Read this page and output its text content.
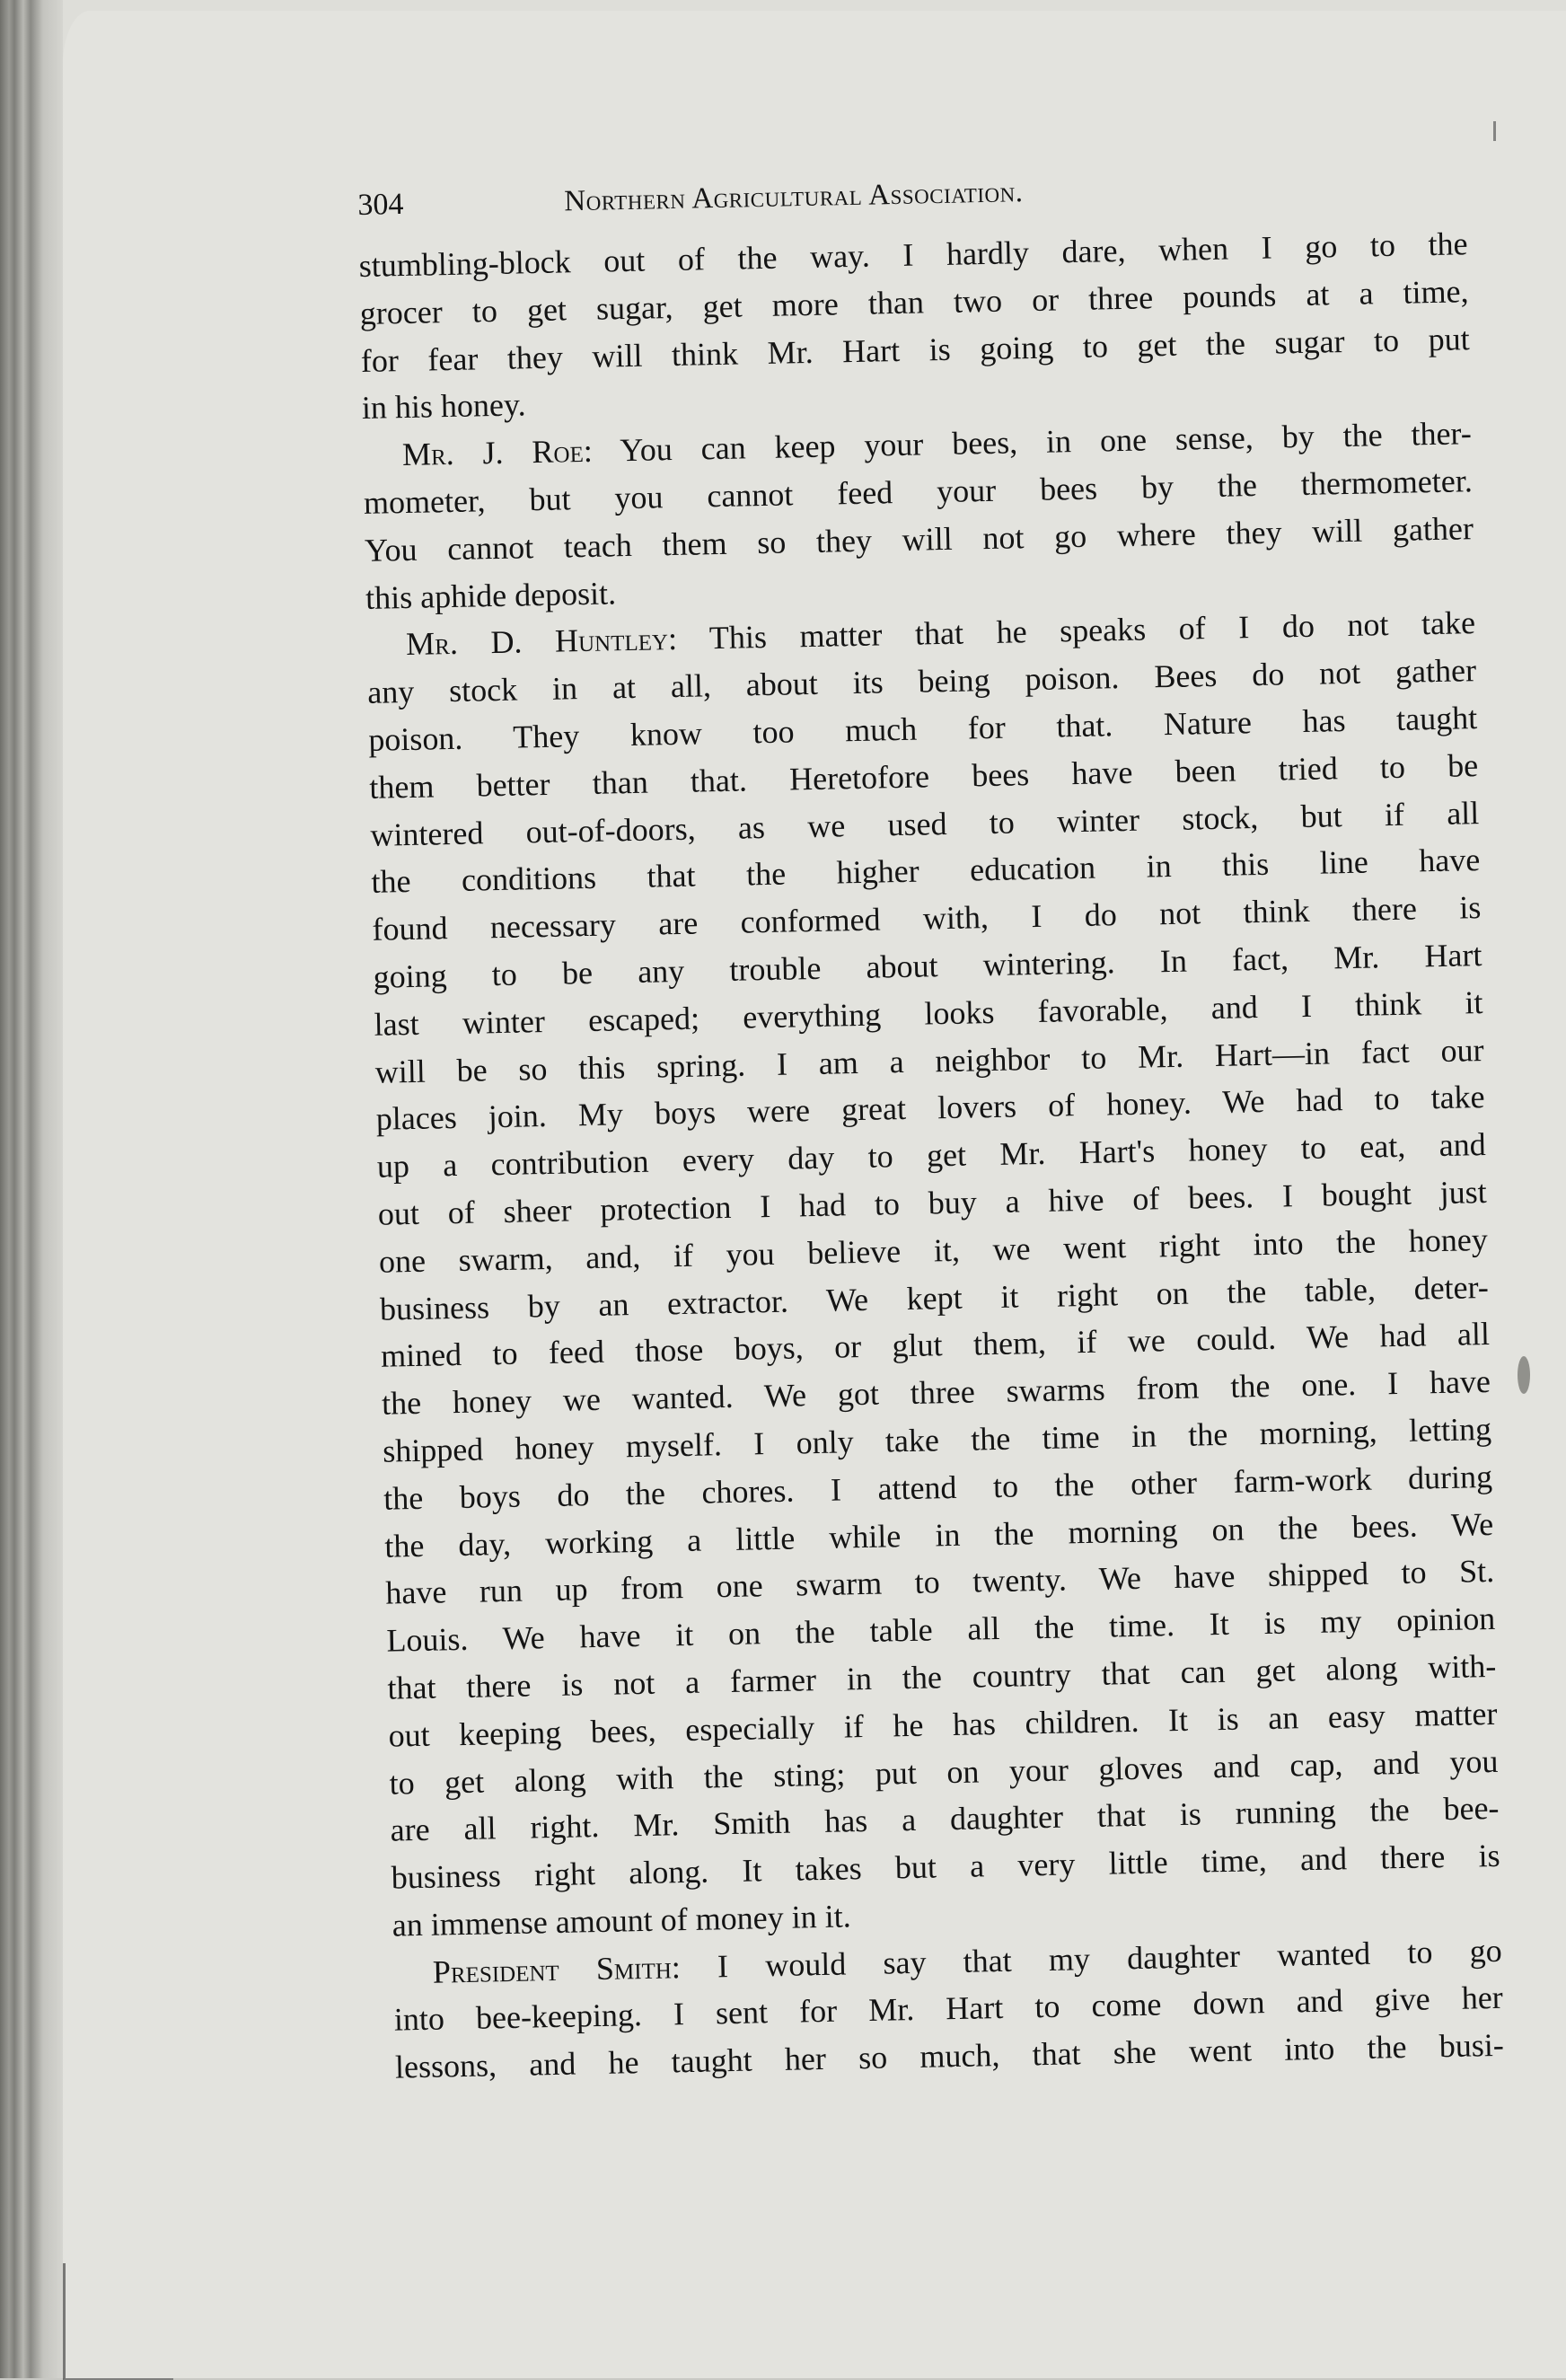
304	Northern Agricultural Association.
stumbling-block out of the way. I hardly dare, when I go to the
grocer to get sugar, get more than two or three pounds at a time,
for fear they will think Mr. Hart is going to get the sugar to put
in his honey.
Mr. J. Roe: You can keep your bees, in one sense, by the ther-
mometer, but you cannot feed your bees by the thermometer.
You cannot teach them so they will not go where they will gather
this aphide deposit.
Mr. D. Huntley: This matter that he speaks of I do not take
any stock in at all, about its being poison. Bees do not gather
poison. They know too much for that. Nature has taught
them better than that. Heretofore bees have been tried to be
wintered out-of-doors, as we used to winter stock, but if all
the conditions that the higher education in this line have
found necessary are conformed with, I do not think there is
going to be any trouble about wintering. In fact, Mr. Hart
last winter escaped; everything looks favorable, and I think it
will be so this spring. I am a neighbor to Mr. Hart—in fact our
places join. My boys were great lovers of honey. We had to take
up a contribution every day to get Mr. Hart's honey to eat, and
out of sheer protection I had to buy a hive of bees. I bought just
one swarm, and, if you believe it, we went right into the honey
business by an extractor. We kept it right on the table, deter-
mined to feed those boys, or glut them, if we could. We had all
the honey we wanted. We got three swarms from the one. I have
shipped honey myself. I only take the time in the morning, letting
the boys do the chores. I attend to the other farm-work during
the day, working a little while in the morning on the bees. We
have run up from one swarm to twenty. We have shipped to St.
Louis. We have it on the table all the time. It is my opinion
that there is not a farmer in the country that can get along with-
out keeping bees, especially if he has children. It is an easy matter
to get along with the sting; put on your gloves and cap, and you
are all right. Mr. Smith has a daughter that is running the bee-
business right along. It takes but a very little time, and there is
an immense amount of money in it.
President Smith: I would say that my daughter wanted to go
into bee-keeping. I sent for Mr. Hart to come down and give her
lessons, and he taught her so much, that she went into the busi-
